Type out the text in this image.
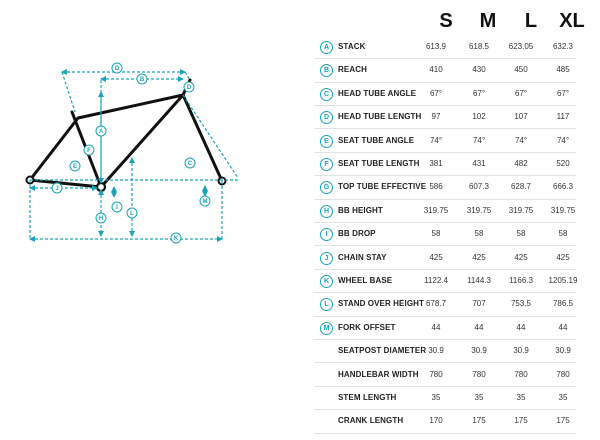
A
B
D
D
E
F
J
C
H
I
L
K
M
S	M	L	XL
A	STACK	613.9	618.5	623.05	632.3
B	REACH	410	430	450	485
C	HEAD TUBE ANGLE	67°	67°	67°	67°
D	HEAD TUBE LENGTH	97	102	107	117
E	SEAT TUBE ANGLE	74°	74°	74°	74°
F	SEAT TUBE LENGTH	381	431	482	520
G	TOP TUBE EFFECTIVE 586	607.3	628.7	666.3
H	BB HEIGHT	319.75	319.75	319.75	319.75
I	BB DROP	58	58	58	58
J	CHAIN STAY	425	425	425	425
K	WHEEL BASE	1122.4	1144.3	1166.3	1205.19
L	STAND OVER HEIGHT 678.7	707	753.5	786.5
M	FORK OFFSET	44	44	44	44
SEATPOST DIAMETER 30.9	30.9	30.9	30.9
HANDLEBAR WIDTH	780	780	780	780
STEM LENGTH	35	35	35	35
CRANK LENGTH	170	175	175	175
